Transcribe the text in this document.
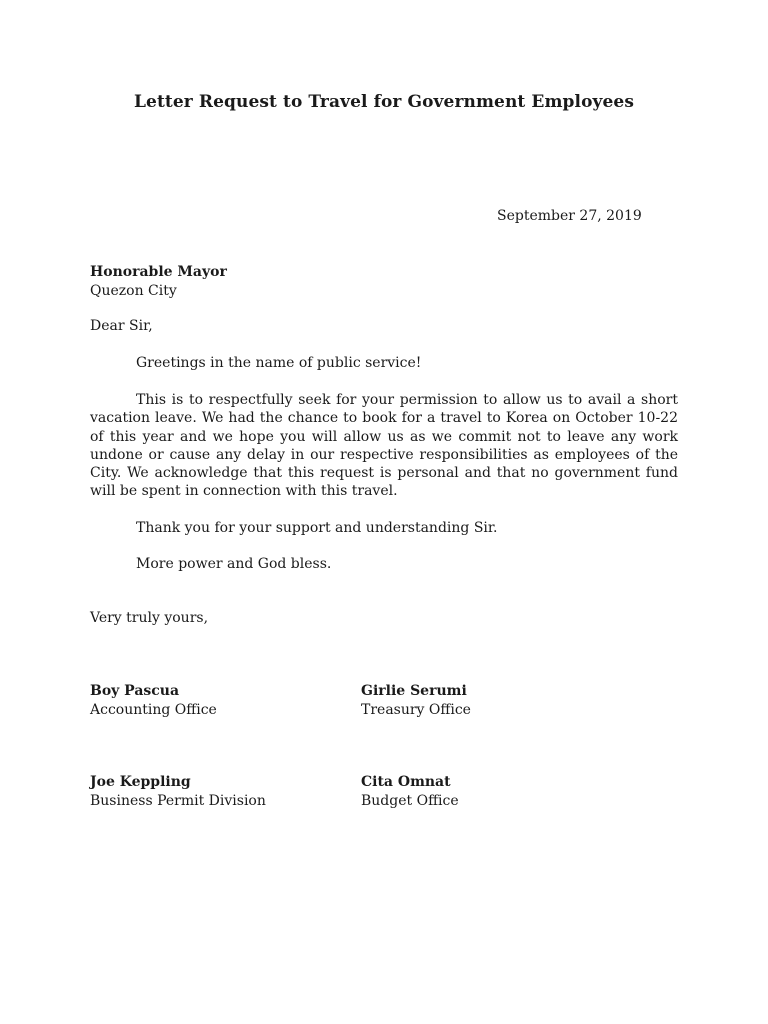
Letter Request to Travel for Government Employees
September 27, 2019
Honorable Mayor
Quezon City
Dear Sir,

Greetings in the name of public service!

This is to respectfully seek for your permission to allow us to avail a short vacation leave. We had the chance to book for a travel to Korea on October 10-22 of this year and we hope you will allow us as we commit not to leave any work undone or cause any delay in our respective responsibilities as employees of the City. We acknowledge that this request is personal and that no government fund will be spent in connection with this travel.

Thank you for your support and understanding Sir.

More power and God bless.

Very truly yours,
Boy Pascua
Accounting Office
Girlie Serumi
Treasury Office
Joe Keppling
Business Permit Division
Cita Omnat
Budget Office
